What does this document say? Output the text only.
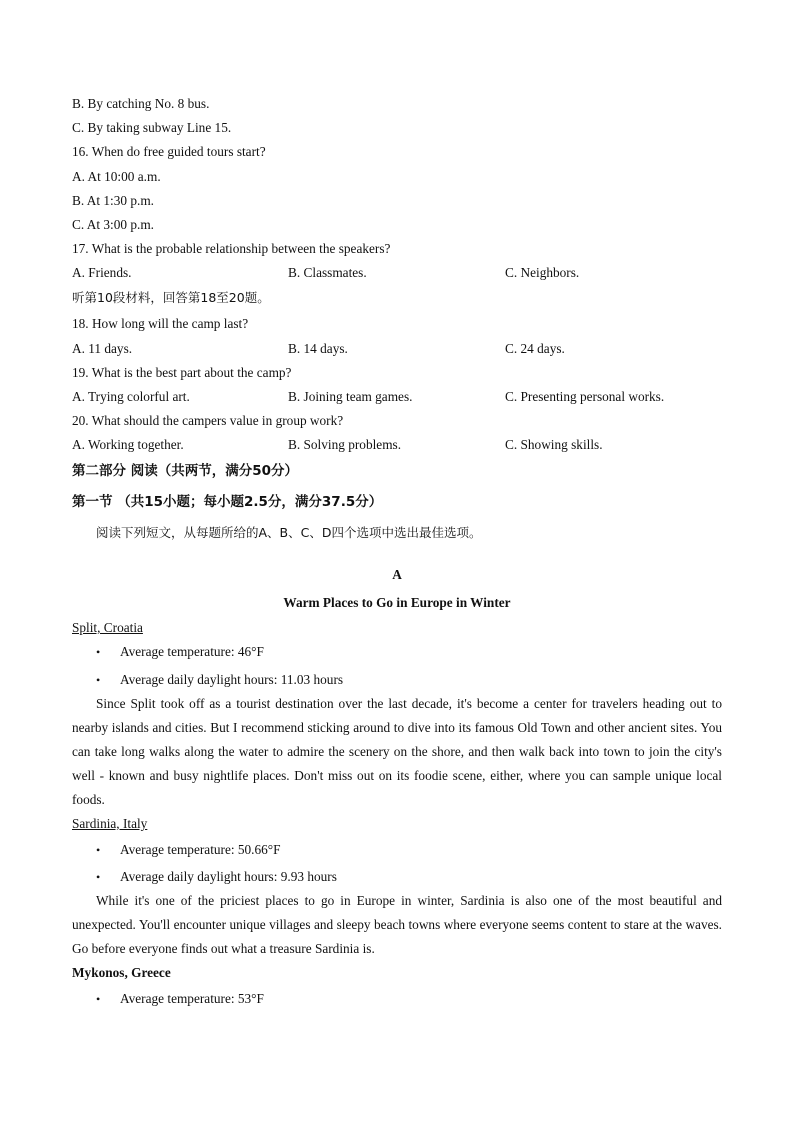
B. By catching No. 8 bus.
C. By taking subway Line 15.
16. When do free guided tours start?
A. At 10:00 a.m.
B. At 1:30 p.m.
C. At 3:00 p.m.
17. What is the probable relationship between the speakers?
A. Friends.	B. Classmates.	C. Neighbors.
听第10段材料，回答第18至20题。
18. How long will the camp last?
A. 11 days.	B. 14 days.	C. 24 days.
19. What is the best part about the camp?
A. Trying colorful art.	B. Joining team games.	C. Presenting personal works.
20. What should the campers value in group work?
A. Working together.	B. Solving problems.	C. Showing skills.
第二部分 阅读（共两节，满分50分）
第一节 （共15小题；每小题2.5分，满分37.5分）
阅读下列短文，从每题所给的A、B、C、D四个选项中选出最佳选项。
A
Warm Places to Go in Europe in Winter
Split, Croatia
• Average temperature: 46°F
• Average daily daylight hours: 11.03 hours
Since Split took off as a tourist destination over the last decade, it's become a center for travelers heading out to nearby islands and cities. But I recommend sticking around to dive into its famous Old Town and other ancient sites. You can take long walks along the water to admire the scenery on the shore, and then walk back into town to join the city's well - known and busy nightlife places. Don't miss out on its foodie scene, either, where you can sample unique local foods.
Sardinia, Italy
• Average temperature: 50.66°F
• Average daily daylight hours: 9.93 hours
While it's one of the priciest places to go in Europe in winter, Sardinia is also one of the most beautiful and unexpected. You'll encounter unique villages and sleepy beach towns where everyone seems content to stare at the waves. Go before everyone finds out what a treasure Sardinia is.
Mykonos, Greece
• Average temperature: 53°F
